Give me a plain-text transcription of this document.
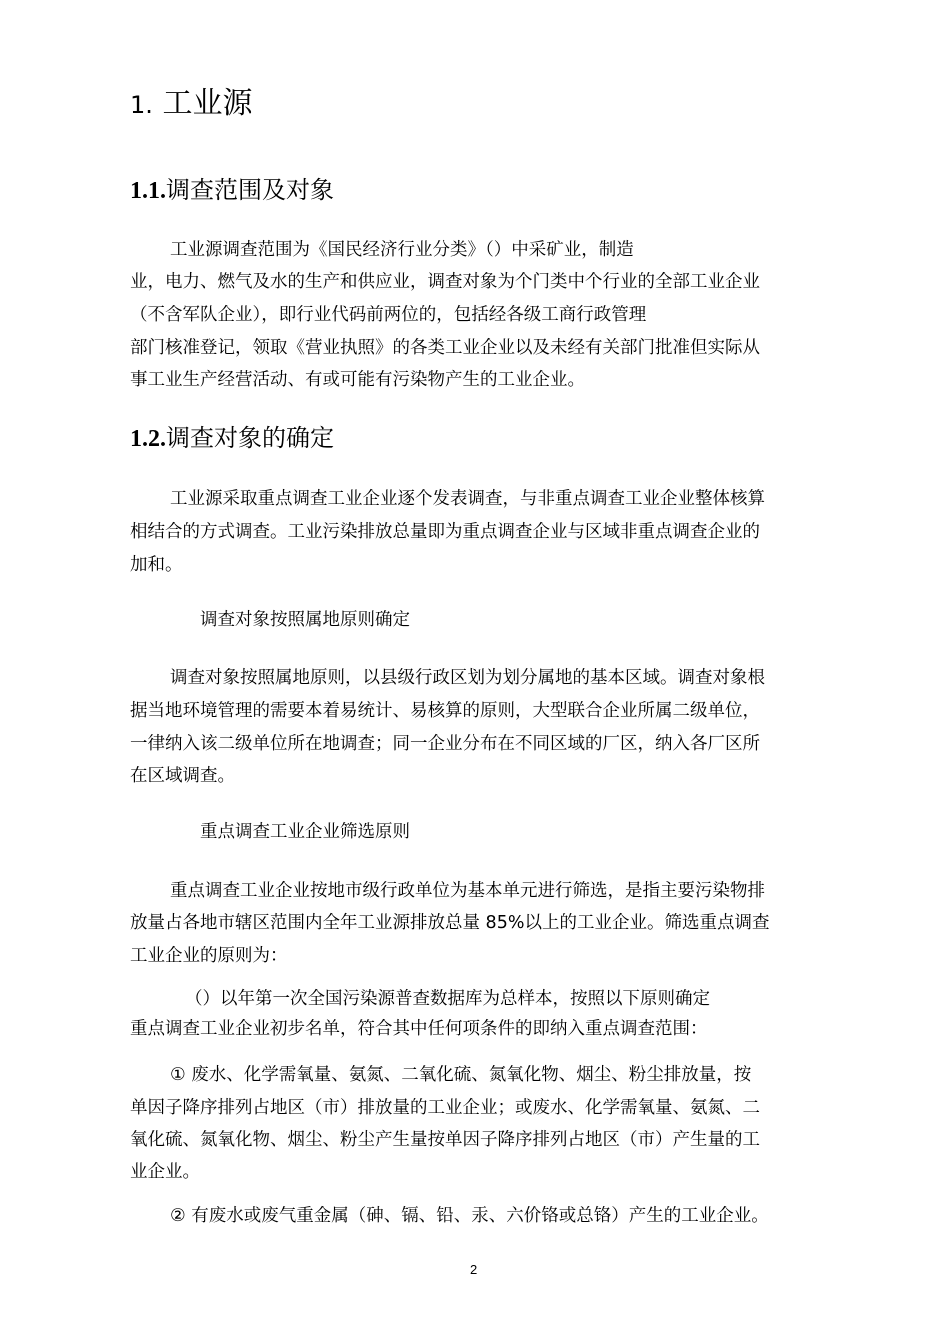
1. 工业源
1.1.调查范围及对象
工业源调查范围为《国民经济行业分类》（）中采矿业，制造
业，电力、燃气及水的生产和供应业，调查对象为个门类中个行业的全部工业企业
（不含军队企业），即行业代码前两位的，包括经各级工商行政管理
部门核准登记，领取《营业执照》的各类工业企业以及未经有关部门批准但实际从
事工业生产经营活动、有或可能有污染物产生的工业企业。
1.2.调查对象的确定
工业源采取重点调查工业企业逐个发表调查，与非重点调查工业企业整体核算
相结合的方式调查。工业污染排放总量即为重点调查企业与区域非重点调查企业的
加和。
调查对象按照属地原则确定
调查对象按照属地原则，以县级行政区划为划分属地的基本区域。调查对象根
据当地环境管理的需要本着易统计、易核算的原则，大型联合企业所属二级单位，
一律纳入该二级单位所在地调查；同一企业分布在不同区域的厂区，纳入各厂区所
在区域调查。
重点调查工业企业筛选原则
重点调查工业企业按地市级行政单位为基本单元进行筛选，是指主要污染物排
放量占各地市辖区范围内全年工业源排放总量 85%以上的工业企业。筛选重点调查
工业企业的原则为：
（）以年第一次全国污染源普查数据库为总样本，按照以下原则确定
重点调查工业企业初步名单，符合其中任何项条件的即纳入重点调查范围：
① 废水、化学需氧量、氨氮、二氧化硫、氮氧化物、烟尘、粉尘排放量，按
单因子降序排列占地区（市）排放量的工业企业；或废水、化学需氧量、氨氮、二
氧化硫、氮氧化物、烟尘、粉尘产生量按单因子降序排列占地区（市）产生量的工
业企业。
② 有废水或废气重金属（砷、镉、铅、汞、六价铬或总铬）产生的工业企业。
2
